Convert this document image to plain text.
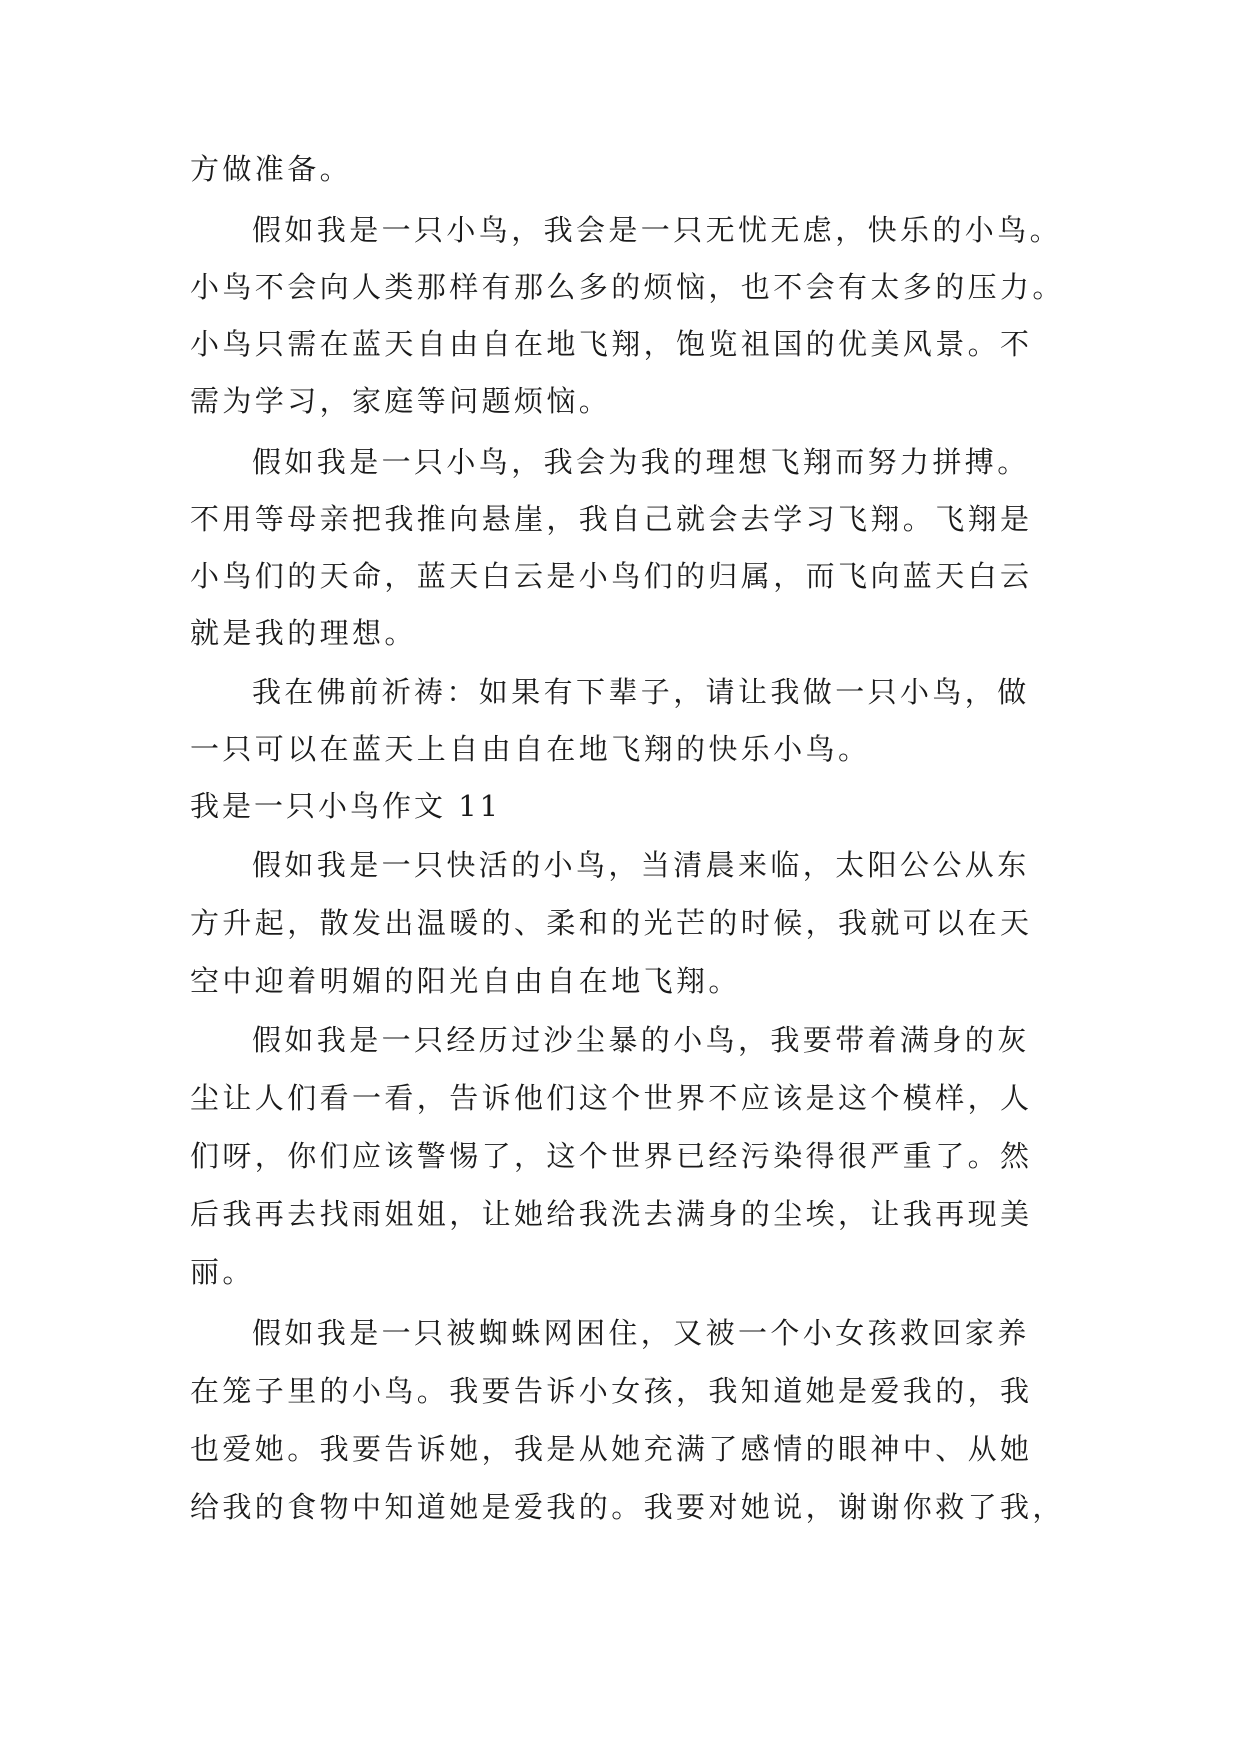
方做准备。
假如我是一只小鸟，我会是一只无忧无虑，快乐的小鸟。
小鸟不会向人类那样有那么多的烦恼，也不会有太多的压力。
小鸟只需在蓝天自由自在地飞翔，饱览祖国的优美风景。不
需为学习，家庭等问题烦恼。
假如我是一只小鸟，我会为我的理想飞翔而努力拼搏。
不用等母亲把我推向悬崖，我自己就会去学习飞翔。飞翔是
小鸟们的天命，蓝天白云是小鸟们的归属，而飞向蓝天白云
就是我的理想。
我在佛前祈祷：如果有下辈子，请让我做一只小鸟，做
一只可以在蓝天上自由自在地飞翔的快乐小鸟。
我是一只小鸟作文 11
假如我是一只快活的小鸟，当清晨来临，太阳公公从东
方升起，散发出温暖的、柔和的光芒的时候，我就可以在天
空中迎着明媚的阳光自由自在地飞翔。
假如我是一只经历过沙尘暴的小鸟，我要带着满身的灰
尘让人们看一看，告诉他们这个世界不应该是这个模样，人
们呀，你们应该警惕了，这个世界已经污染得很严重了。然
后我再去找雨姐姐，让她给我洗去满身的尘埃，让我再现美
丽。
假如我是一只被蜘蛛网困住，又被一个小女孩救回家养
在笼子里的小鸟。我要告诉小女孩，我知道她是爱我的，我
也爱她。我要告诉她，我是从她充满了感情的眼神中、从她
给我的食物中知道她是爱我的。我要对她说，谢谢你救了我，
